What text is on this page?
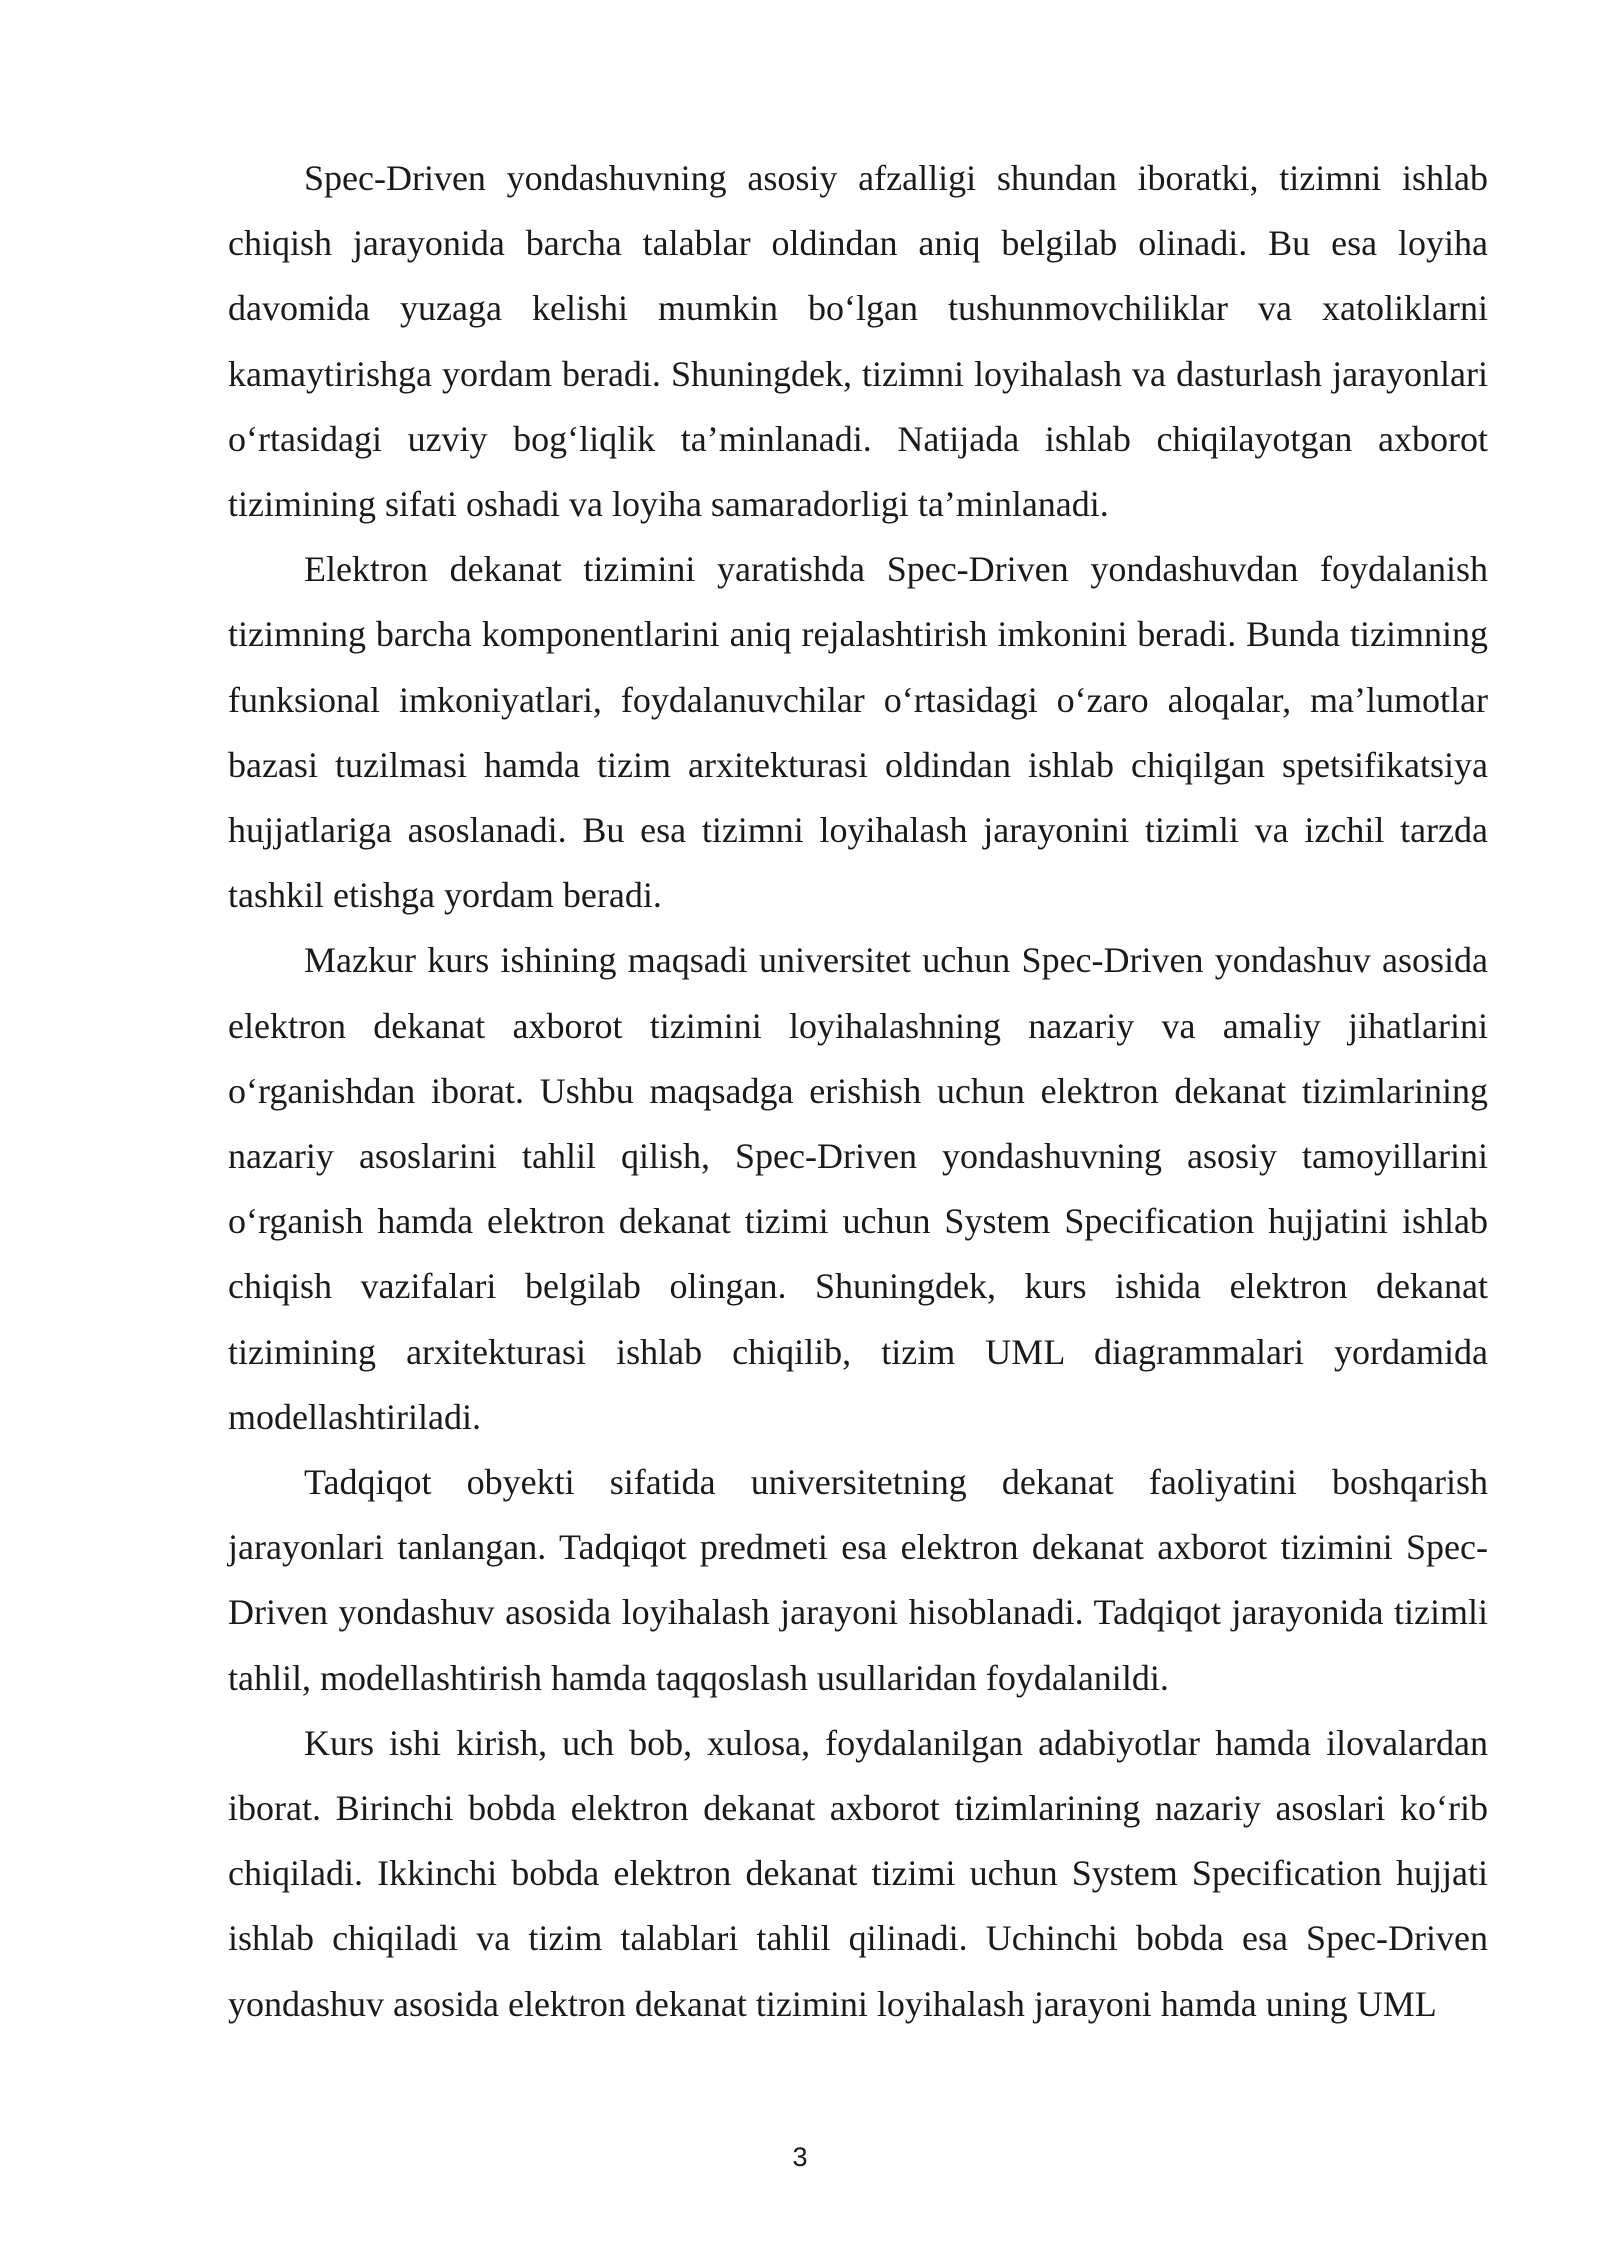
Spec-Driven yondashuvning asosiy afzalligi shundan iboratki, tizimni ishlab chiqish jarayonida barcha talablar oldindan aniq belgilab olinadi. Bu esa loyiha davomida yuzaga kelishi mumkin bo‘lgan tushunmovchiliklar va xatoliklarni kamaytirishga yordam beradi. Shuningdek, tizimni loyihalash va dasturlash jarayonlari o‘rtasidagi uzviy bog‘liqlik ta’minlanadi. Natijada ishlab chiqilayotgan axborot tizimining sifati oshadi va loyiha samaradorligi ta’minlanadi.

Elektron dekanat tizimini yaratishda Spec-Driven yondashuvdan foydalanish tizimning barcha komponentlarini aniq rejalashtirish imkonini beradi. Bunda tizimning funksional imkoniyatlari, foydalanuvchilar o‘rtasidagi o‘zaro aloqalar, ma’lumotlar bazasi tuzilmasi hamda tizim arxitekturasi oldindan ishlab chiqilgan spetsifikatsiya hujjatlariga asoslanadi. Bu esa tizimni loyihalash jarayonini tizimli va izchil tarzda tashkil etishga yordam beradi.

Mazkur kurs ishining maqsadi universitet uchun Spec-Driven yondashuv asosida elektron dekanat axborot tizimini loyihalashning nazariy va amaliy jihatlarini o‘rganishdan iborat. Ushbu maqsadga erishish uchun elektron dekanat tizimlarining nazariy asoslarini tahlil qilish, Spec-Driven yondashuvning asosiy tamoyillarini o‘rganish hamda elektron dekanat tizimi uchun System Specification hujjatini ishlab chiqish vazifalari belgilab olingan. Shuningdek, kurs ishida elektron dekanat tizimining arxitekturasi ishlab chiqilib, tizim UML diagrammalari yordamida modellashtiriladi.

Tadqiqot obyekti sifatida universitetning dekanat faoliyatini boshqarish jarayonlari tanlangan. Tadqiqot predmeti esa elektron dekanat axborot tizimini Spec-Driven yondashuv asosida loyihalash jarayoni hisoblanadi. Tadqiqot jarayonida tizimli tahlil, modellashtirish hamda taqqoslash usullaridan foydalanildi.

Kurs ishi kirish, uch bob, xulosa, foydalanilgan adabiyotlar hamda ilovalardan iborat. Birinchi bobda elektron dekanat axborot tizimlarining nazariy asoslari ko‘rib chiqiladi. Ikkinchi bobda elektron dekanat tizimi uchun System Specification hujjati ishlab chiqiladi va tizim talablari tahlil qilinadi. Uchinchi bobda esa Spec-Driven yondashuv asosida elektron dekanat tizimini loyihalash jarayoni hamda uning UML

3
